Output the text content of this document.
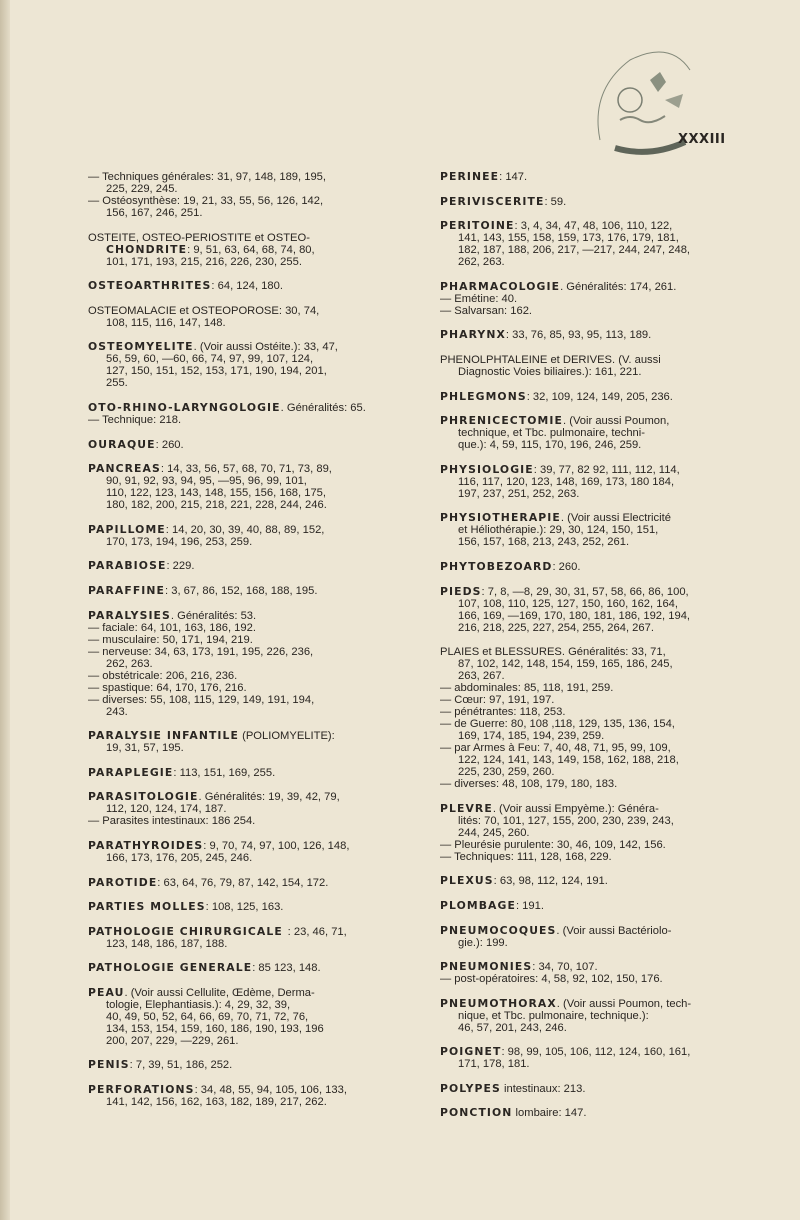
XXXIII
— Techniques générales: 31, 97, 148, 189, 195,
225, 229, 245.
— Ostéosynthèse: 19, 21, 33, 55, 56, 126, 142,
156, 167, 246, 251.
OSTEITE, OSTEO-PERIOSTITE et OSTEO-
CHONDRITE: 9, 51, 63, 64, 68, 74, 80,
101, 171, 193, 215, 216, 226, 230, 255.
OSTEOARTHRITES: 64, 124, 180.
OSTEOMALACIE et OSTEOPOROSE: 30, 74,
108, 115, 116, 147, 148.
OSTEOMYELITE. (Voir aussi Ostéite.): 33, 47,
56, 59, 60, —60, 66, 74, 97, 99, 107, 124,
127, 150, 151, 152, 153, 171, 190, 194, 201,
255.
OTO-RHINO-LARYNGOLOGIE. Généralités: 65.
— Technique: 218.
OURAQUE: 260.
PANCREAS: 14, 33, 56, 57, 68, 70, 71, 73, 89,
90, 91, 92, 93, 94, 95, —95, 96, 99, 101,
110, 122, 123, 143, 148, 155, 156, 168, 175,
180, 182, 200, 215, 218, 221, 228, 244, 246.
PAPILLOME: 14, 20, 30, 39, 40, 88, 89, 152,
170, 173, 194, 196, 253, 259.
PARABIOSE: 229.
PARAFFINE: 3, 67, 86, 152, 168, 188, 195.
PARALYSIES. Généralités: 53.
— faciale: 64, 101, 163, 186, 192.
— musculaire: 50, 171, 194, 219.
— nerveuse: 34, 63, 173, 191, 195, 226, 236,
262, 263.
— obstétricale: 206, 216, 236.
— spastique: 64, 170, 176, 216.
— diverses: 55, 108, 115, 129, 149, 191, 194,
243.
PARALYSIE INFANTILE (POLIOMYELITE):
19, 31, 57, 195.
PARAPLEGIE: 113, 151, 169, 255.
PARASITOLOGIE. Généralités: 19, 39, 42, 79,
112, 120, 124, 174, 187.
— Parasites intestinaux: 186 254.
PARATHYROIDES: 9, 70, 74, 97, 100, 126, 148,
166, 173, 176, 205, 245, 246.
PAROTIDE: 63, 64, 76, 79, 87, 142, 154, 172.
PARTIES MOLLES: 108, 125, 163.
PATHOLOGIE CHIRURGICALE : 23, 46, 71,
123, 148, 186, 187, 188.
PATHOLOGIE GENERALE: 85 123, 148.
PEAU. (Voir aussi Cellulite, Œdème, Derma-
tologie, Elephantiasis.): 4, 29, 32, 39,
40, 49, 50, 52, 64, 66, 69, 70, 71, 72, 76,
134, 153, 154, 159, 160, 186, 190, 193, 196
200, 207, 229, —229, 261.
PENIS: 7, 39, 51, 186, 252.
PERFORATIONS: 34, 48, 55, 94, 105, 106, 133,
141, 142, 156, 162, 163, 182, 189, 217, 262.
PERINEE: 147.
PERIVISCERITE: 59.
PERITOINE: 3, 4, 34, 47, 48, 106, 110, 122,
141, 143, 155, 158, 159, 173, 176, 179, 181,
182, 187, 188, 206, 217, —217, 244, 247, 248,
262, 263.
PHARMACOLOGIE. Généralités: 174, 261.
— Emétine: 40.
— Salvarsan: 162.
PHARYNX: 33, 76, 85, 93, 95, 113, 189.
PHENOLPHTALEINE et DERIVES. (V. aussi
Diagnostic Voies biliaires.): 161, 221.
PHLEGMONS: 32, 109, 124, 149, 205, 236.
PHRENICECTOMIE. (Voir aussi Poumon,
technique, et Tbc. pulmonaire, techni-
que.): 4, 59, 115, 170, 196, 246, 259.
PHYSIOLOGIE: 39, 77, 82 92, 111, 112, 114,
116, 117, 120, 123, 148, 169, 173, 180 184,
197, 237, 251, 252, 263.
PHYSIOTHERAPIE. (Voir aussi Electricité
et Héliothérapie.): 29, 30, 124, 150, 151,
156, 157, 168, 213, 243, 252, 261.
PHYTOBEZOARD: 260.
PIEDS: 7, 8, —8, 29, 30, 31, 57, 58, 66, 86, 100,
107, 108, 110, 125, 127, 150, 160, 162, 164,
166, 169, —169, 170, 180, 181, 186, 192, 194,
216, 218, 225, 227, 254, 255, 264, 267.
PLAIES et BLESSURES. Généralités: 33, 71,
87, 102, 142, 148, 154, 159, 165, 186, 245,
263, 267.
— abdominales: 85, 118, 191, 259.
— Cœur: 97, 191, 197.
— pénétrantes: 118, 253.
— de Guerre: 80, 108 ,118, 129, 135, 136, 154,
169, 174, 185, 194, 239, 259.
— par Armes à Feu: 7, 40, 48, 71, 95, 99, 109,
122, 124, 141, 143, 149, 158, 162, 188, 218,
225, 230, 259, 260.
— diverses: 48, 108, 179, 180, 183.
PLEVRE. (Voir aussi Empyème.): Généra-
lités: 70, 101, 127, 155, 200, 230, 239, 243,
244, 245, 260.
— Pleurésie purulente: 30, 46, 109, 142, 156.
— Techniques: 111, 128, 168, 229.
PLEXUS: 63, 98, 112, 124, 191.
PLOMBAGE: 191.
PNEUMOCOQUES. (Voir aussi Bactériolo-
gie.): 199.
PNEUMONIES: 34, 70, 107.
— post-opératoires: 4, 58, 92, 102, 150, 176.
PNEUMOTHORAX. (Voir aussi Poumon, tech-
nique, et Tbc. pulmonaire, technique.):
46, 57, 201, 243, 246.
POIGNET: 98, 99, 105, 106, 112, 124, 160, 161,
171, 178, 181.
POLYPES intestinaux: 213.
PONCTION lombaire: 147.
